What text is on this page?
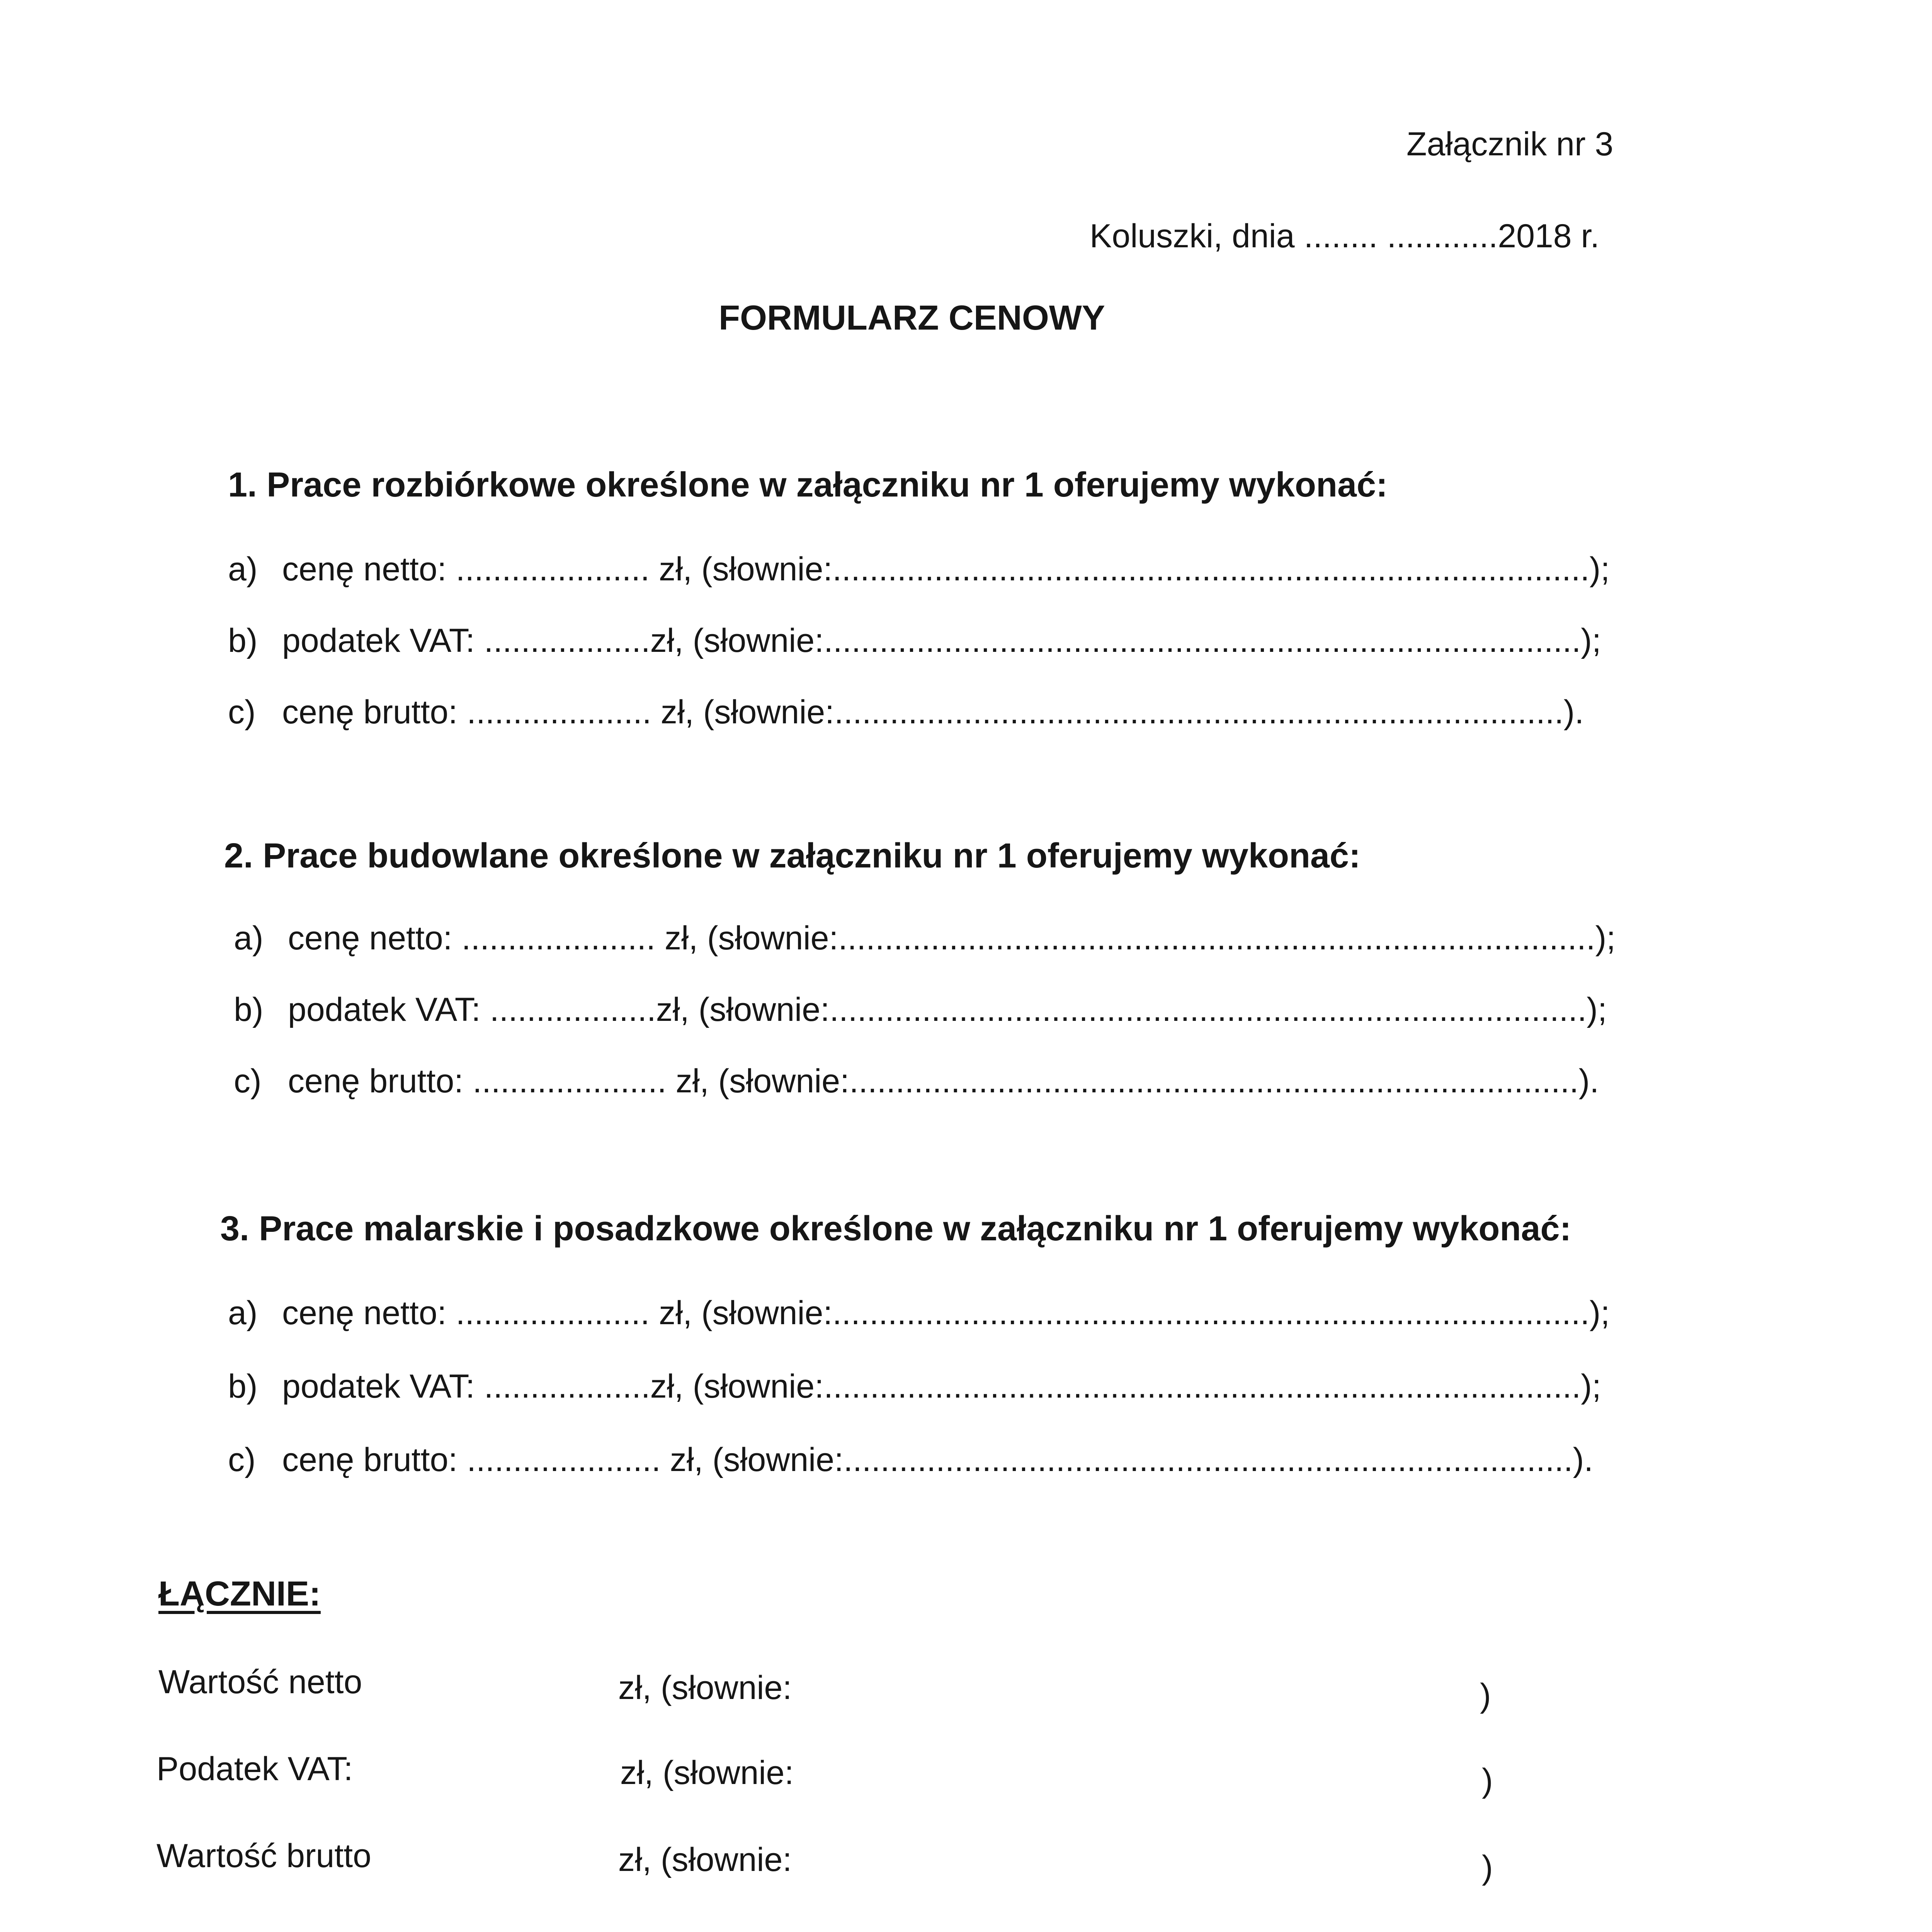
Załącznik nr 3
Koluszki, dnia ........ ............2018 r.
FORMULARZ CENOWY
1. Prace rozbiórkowe określone w załączniku nr 1 oferujemy wykonać:
a) cenę netto: ..................... zł, (słownie:..................................................................................);
b) podatek VAT: ..................zł, (słownie:..................................................................................);
c) cenę brutto: .................... zł, (słownie:...............................................................................).
2. Prace budowlane określone w załączniku nr 1 oferujemy wykonać:
a) cenę netto: ..................... zł, (słownie:..................................................................................);
b) podatek VAT: ..................zł, (słownie:..................................................................................);
c) cenę brutto: ..................... zł, (słownie:...............................................................................).
3. Prace malarskie i posadzkowe określone w załączniku nr 1 oferujemy wykonać:
a) cenę netto: ..................... zł, (słownie:..................................................................................);
b) podatek VAT: ..................zł, (słownie:..................................................................................);
c) cenę brutto: ..................... zł, (słownie:...............................................................................).
ŁĄCZNIE:
Wartość netto	zł, (słownie:	)
Podatek VAT:	zł, (słownie:	)
Wartość brutto	zł, (słownie:	)
